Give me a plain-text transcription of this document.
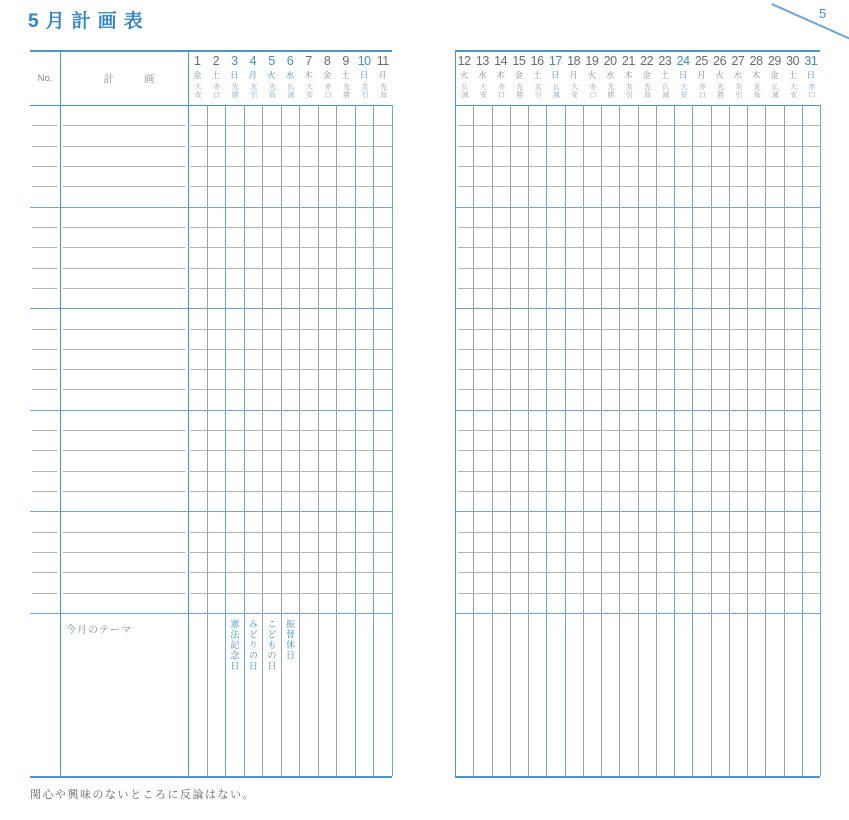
5月計画表	5
1
金
大安
2
土
赤口
3
日
先勝
憲法記念日
4
月
友引
みどりの日
5
火
先負
こどもの日
6
水
仏滅
振替休日
7
木
大安
8
金
赤口
9
土
先勝
10
日
友引
11
月
先負
No.	計画
今月のテーマ
12
火
仏滅
13
水
大安
14
木
赤口
15
金
先勝
16
土
友引
17
日
仏滅
18
月
大安
19
火
赤口
20
水
先勝
21
木
友引
22
金
先負
23
土
仏滅
24
日
大安
25
月
赤口
26
火
先勝
27
水
友引
28
木
先負
29
金
仏滅
30
土
大安
31
日
赤口
関心や興味のないところに反論はない。
